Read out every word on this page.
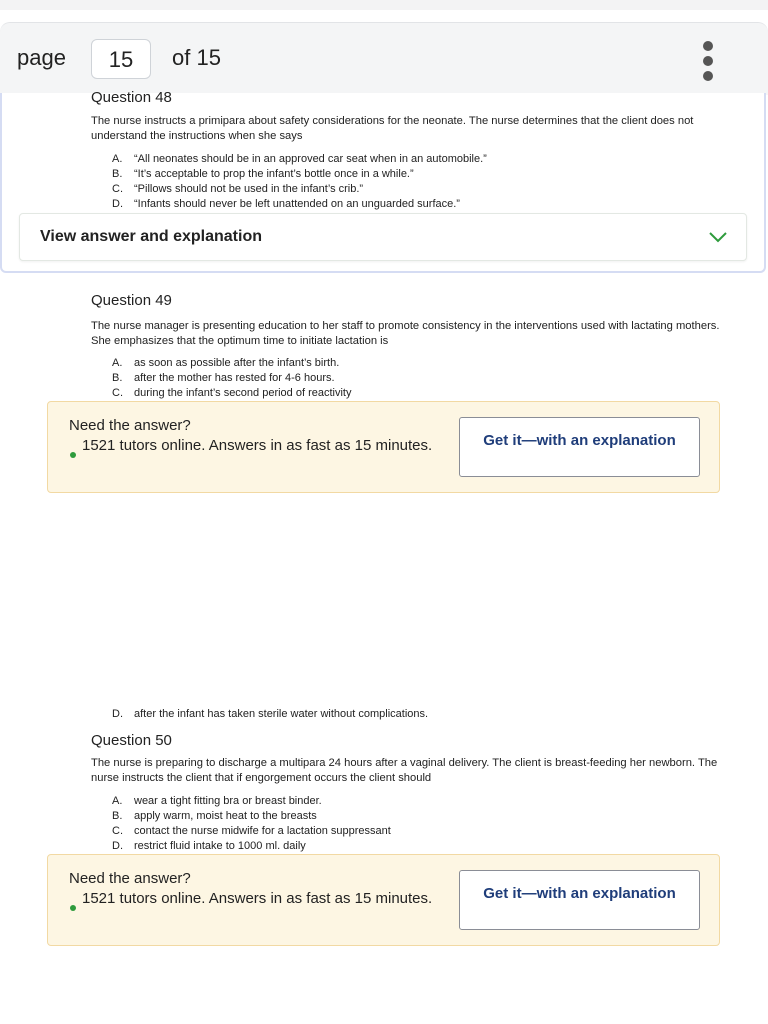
page	15	of 15
Question 48
The nurse instructs a primipara about safety considerations for the neonate. The nurse determines that the client does not understand the instructions when she says
A. “All neonates should be in an approved car seat when in an automobile.”
B. “It’s acceptable to prop the infant’s bottle once in a while.”
C. “Pillows should not be used in the infant’s crib.”
D. “Infants should never be left unattended on an unguarded surface.”
View answer and explanation
Question 49
The nurse manager is presenting education to her staff to promote consistency in the interventions used with lactating mothers. She emphasizes that the optimum time to initiate lactation is
A. as soon as possible after the infant’s birth.
B. after the mother has rested for 4-6 hours.
C. during the infant’s second period of reactivity
Need the answer?
1521 tutors online. Answers in as fast as 15 minutes.	Get it—with an explanation
D. after the infant has taken sterile water without complications.
Question 50
The nurse is preparing to discharge a multipara 24 hours after a vaginal delivery. The client is breast-feeding her newborn. The nurse instructs the client that if engorgement occurs the client should
A. wear a tight fitting bra or breast binder.
B. apply warm, moist heat to the breasts
C. contact the nurse midwife for a lactation suppressant
D. restrict fluid intake to 1000 ml. daily
Need the answer?
1521 tutors online. Answers in as fast as 15 minutes.	Get it—with an explanation
